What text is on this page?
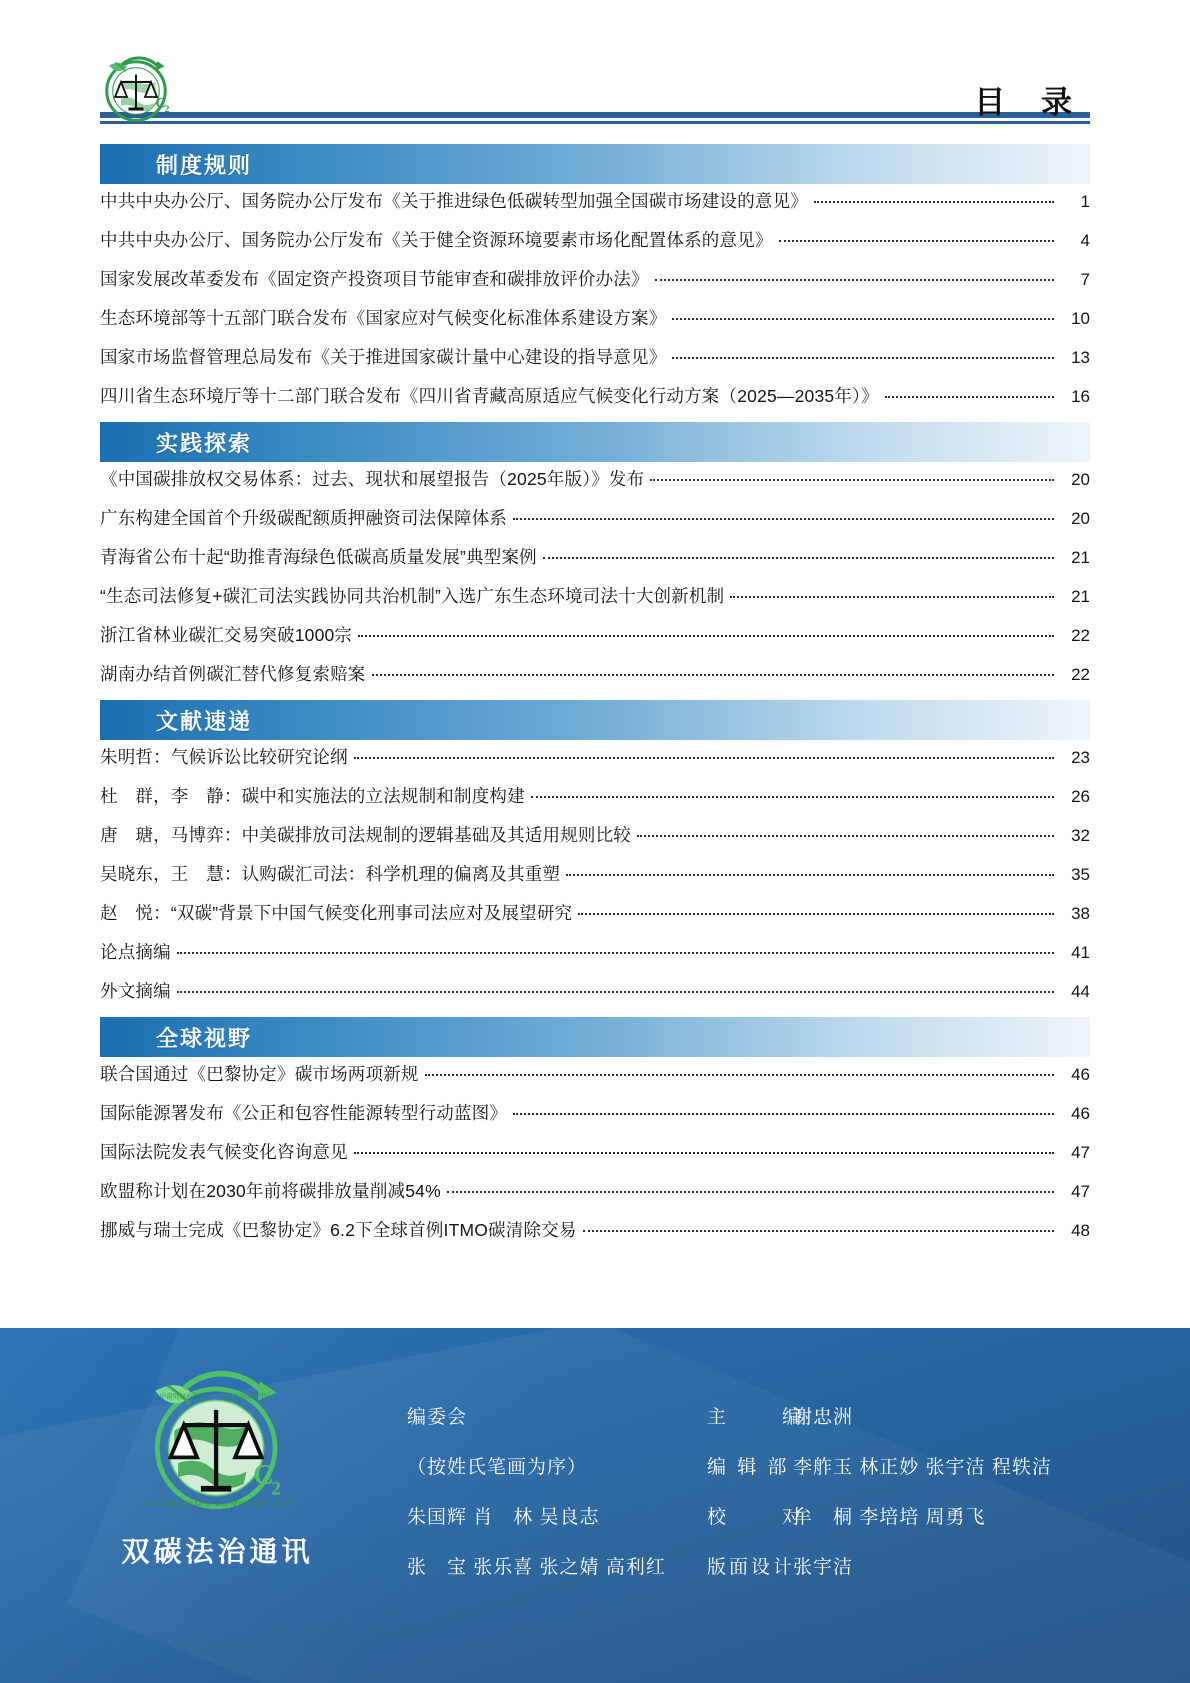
C
2	目 录
制度规则
中共中央办公厅、国务院办公厅发布《关于推进绿色低碳转型加强全国碳市场建设的意见》	1
中共中央办公厅、国务院办公厅发布《关于健全资源环境要素市场化配置体系的意见》	4
国家发展改革委发布《固定资产投资项目节能审查和碳排放评价办法》	7
生态环境部等十五部门联合发布《国家应对气候变化标准体系建设方案》	10
国家市场监督管理总局发布《关于推进国家碳计量中心建设的指导意见》	13
四川省生态环境厅等十二部门联合发布《四川省青藏高原适应气候变化行动方案（2025—2035年）》	16
实践探索
《中国碳排放权交易体系：过去、现状和展望报告（2025年版）》发布	20
广东构建全国首个升级碳配额质押融资司法保障体系	20
青海省公布十起“助推青海绿色低碳高质量发展”典型案例	21
“生态司法修复+碳汇司法实践协同共治机制”入选广东生态环境司法十大创新机制	21
浙江省林业碳汇交易突破1000宗	22
湖南办结首例碳汇替代修复索赔案	22
文献速递
朱明哲：气候诉讼比较研究论纲	23
杜　群，李　静：碳中和实施法的立法规制和制度构建	26
唐　瑭，马博弈：中美碳排放司法规制的逻辑基础及其适用规则比较	32
吴晓东，王　慧：认购碳汇司法：科学机理的偏离及其重塑	35
赵　悦：“双碳”背景下中国气候变化刑事司法应对及展望研究	38
论点摘编	41
外文摘编	44
全球视野
联合国通过《巴黎协定》碳市场两项新规	46
国际能源署发布《公正和包容性能源转型行动蓝图》	46
国际法院发表气候变化咨询意见	47
欧盟称计划在2030年前将碳排放量削减54%	47
挪威与瑞士完成《巴黎协定》6.2下全球首例ITMO碳清除交易	48
C
2
中南财经政法大学　双碳法治研究中心
DUAL CARBON RULE OF LAW RESEARCH CENTER
双碳法治通讯
编委会
（按姓氏笔画为序）
朱国辉 肖　林 吴良志
张　宝 张乐喜 张之婧 高利红
主　　编
谢忠洲
编 辑 部 李舴玉 林正妙 张宇洁 程轶洁
校　　对
牟　桐 李培培 周勇飞
版面设计
张宇洁
